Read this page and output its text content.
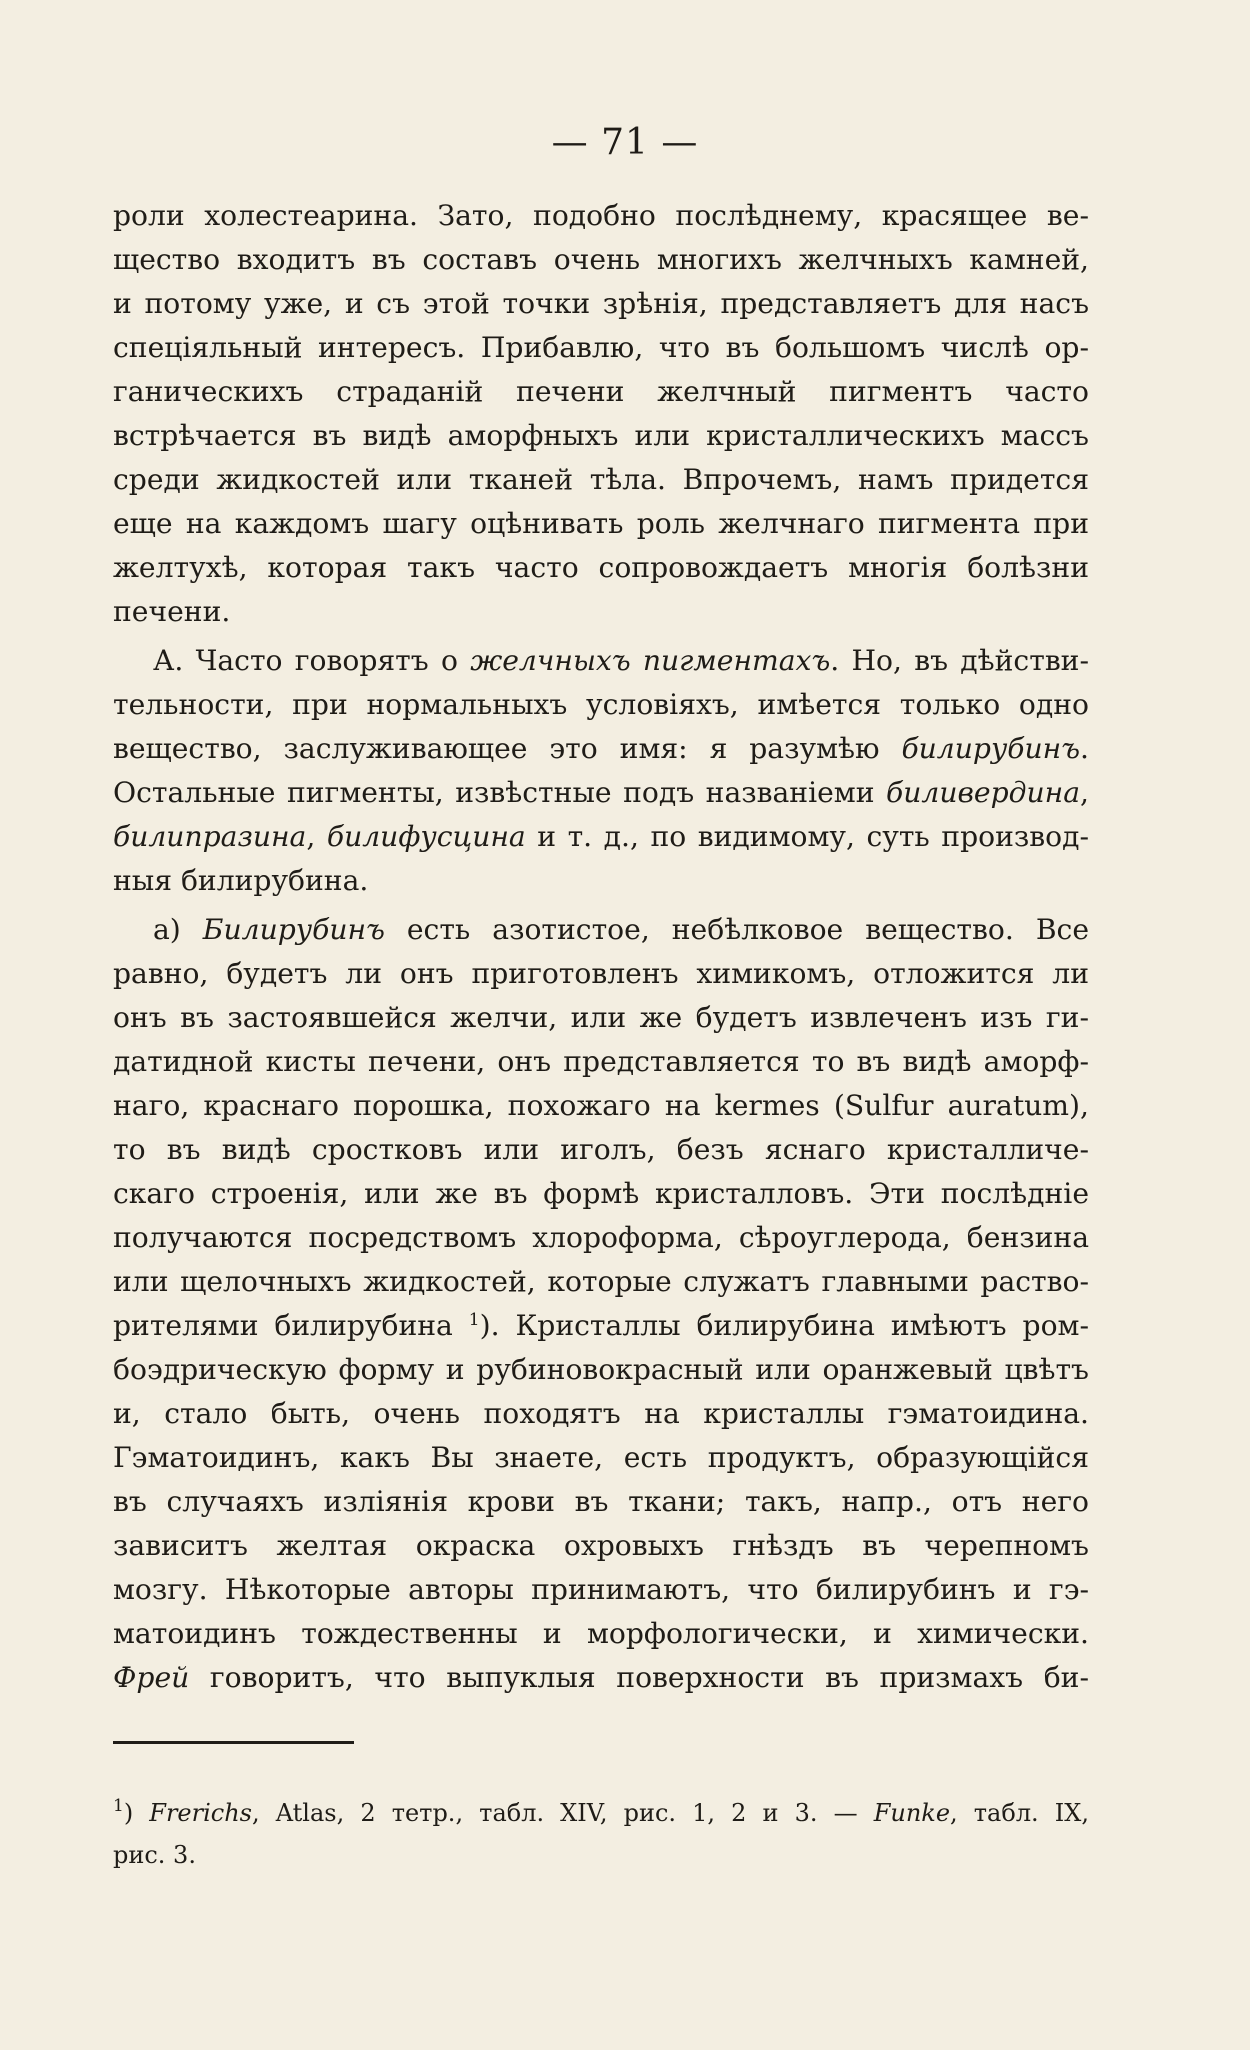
— 71 —
роли холестеарина. Зато, подобно послѣднему, красящее ве-
щество входитъ въ составъ очень многихъ желчныхъ камней,
и потому уже, и съ этой точки зрѣнія, представляетъ для насъ
спеціяльный интересъ. Прибавлю, что въ большомъ числѣ ор-
ганическихъ страданій печени желчный пигментъ часто
встрѣчается въ видѣ аморфныхъ или кристаллическихъ массъ
среди жидкостей или тканей тѣла. Впрочемъ, намъ придется
еще на каждомъ шагу оцѣнивать роль желчнаго пигмента при
желтухѣ, которая такъ часто сопровождаетъ многія болѣзни
печени.
А. Часто говорятъ о желчныхъ пигментахъ. Но, въ дѣйстви-
тельности, при нормальныхъ условіяхъ, имѣется только одно
вещество, заслуживающее это имя: я разумѣю билирубинъ.
Остальные пигменты, извѣстные подъ названіеми биливердина,
билипразина, билифусцина и т. д., по видимому, суть производ-
ныя билирубина.
а) Билирубинъ есть азотистое, небѣлковое вещество. Все
равно, будетъ ли онъ приготовленъ химикомъ, отложится ли
онъ въ застоявшейся желчи, или же будетъ извлеченъ изъ ги-
датидной кисты печени, онъ представляется то въ видѣ аморф-
наго, краснаго порошка, похожаго на kermes (Sulfur auratum),
то въ видѣ сростковъ или иголъ, безъ яснаго кристалличе-
скаго строенія, или же въ формѣ кристалловъ. Эти послѣдніе
получаются посредствомъ хлороформа, сѣроуглерода, бензина
или щелочныхъ жидкостей, которые служатъ главными раство-
рителями билирубина $^1$). Кристаллы билирубина имѣютъ ром-
боэдрическую форму и рубиновокрасный или оранжевый цвѣтъ
и, стало быть, очень походятъ на кристаллы гэматоидина.
Гэматоидинъ, какъ Вы знаете, есть продуктъ, образующійся
въ случаяхъ изліянія крови въ ткани; такъ, напр., отъ него
зависитъ желтая окраска охровыхъ гнѣздъ въ черепномъ
мозгу. Нѣкоторые авторы принимаютъ, что билирубинъ и гэ-
матоидинъ тождественны и морфологически, и химически.
Фрей говоритъ, что выпуклыя поверхности въ призмахъ би-
$^1$) Frerichs, Atlas, 2 тетр., табл. XIV, рис. 1, 2 и 3. — Funke, табл. IX,
рис. 3.
